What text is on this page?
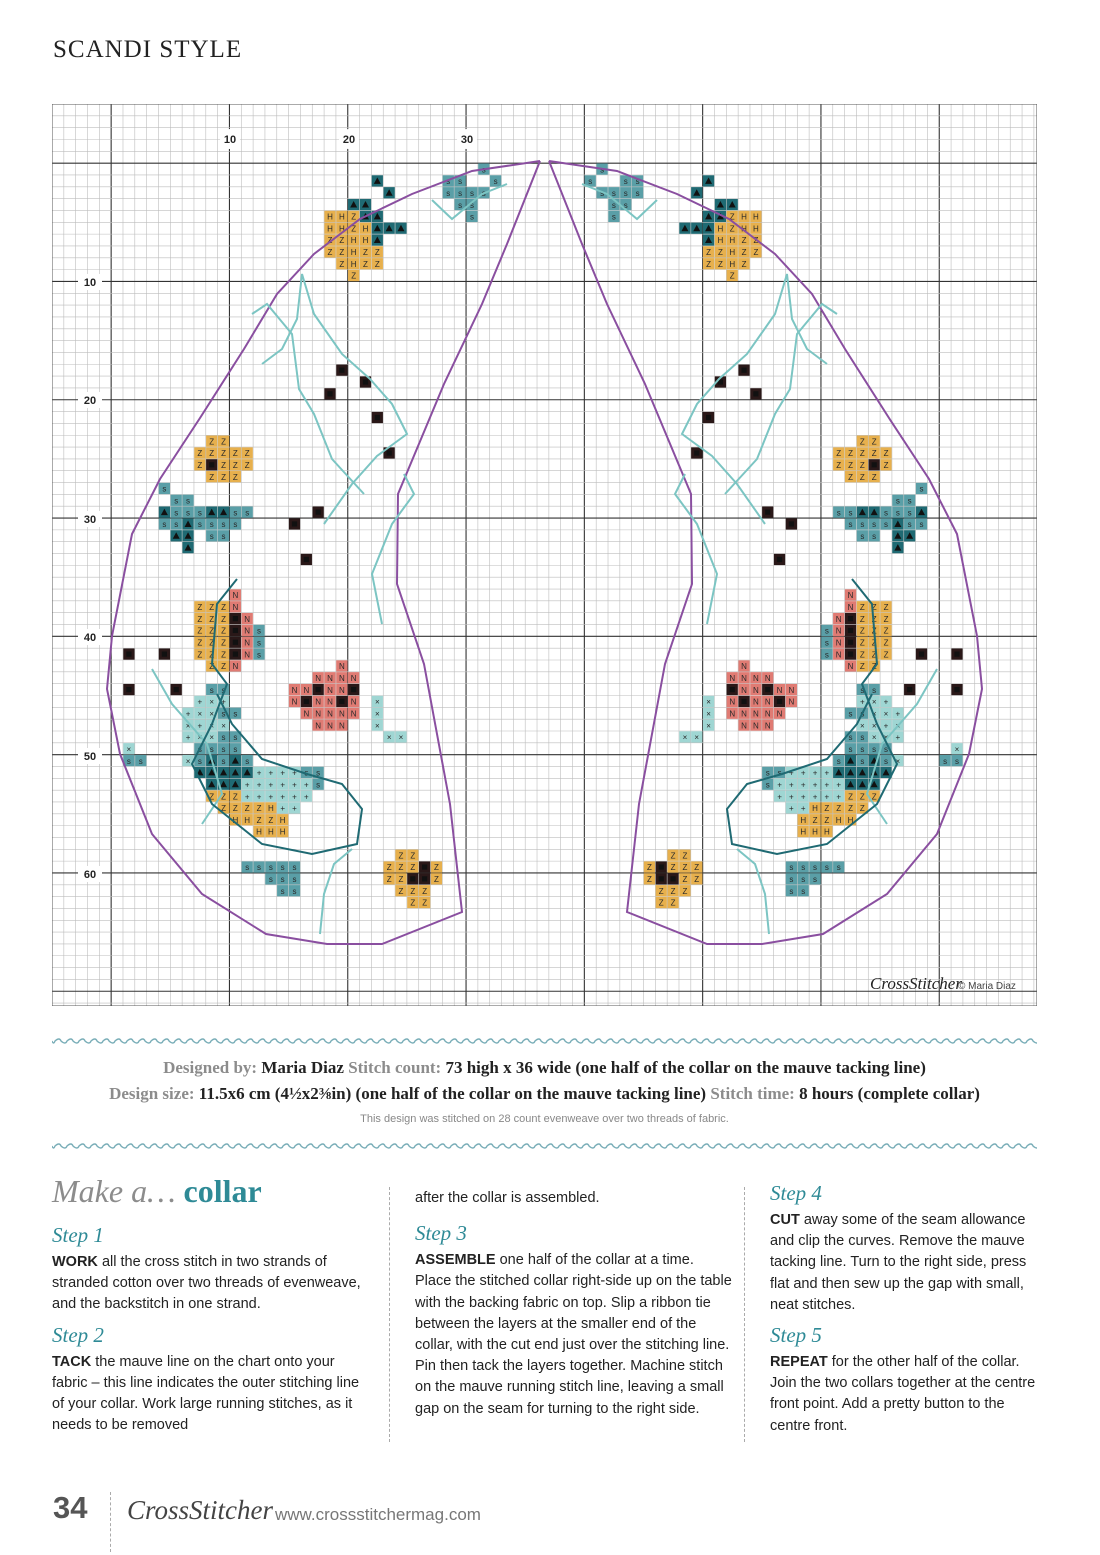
SCANDI STYLE
H	H
H	H
Z	Z
H	H
H	H
Z	Z
H	H
Z	Z
Z	Z
H	H
H	H
Z	Z
Z	Z
H	H
Z	Z
Z	Z
Z	Z
H	H
Z	Z
Z	Z
Z	Z
s	s
s	s
s	s
s	s
s	s
s	s
s	s
s	s
s	s
s	s
s	s
Z	Z
Z	Z
Z	Z
Z	Z
Z	Z
Z	Z
Z	Z
Z	Z
Z	Z
Z	Z
Z	Z
Z	Z
Z	Z
Z	Z
s	s
s	s
s	s
s	s
s	s
s	s
s	s
s	s
s	s
s	s
s	s
s	s
s	s
s	s
s	s
s	s
N	N
Z	Z
Z	Z
Z	Z
N	N
Z	Z
Z	Z
Z	Z
N	N
Z	Z
Z	Z
Z	Z
N	N
s	s
Z	Z
Z	Z
Z	Z
N	N
s	s
Z	Z
Z	Z
Z	Z
N	N
s	s
Z	Z
Z	Z
N	N
N	N
N	N
N	N
N	N
N	N
N	N
N	N
N	N
N	N
N	N
N	N
N	N
N	N
N	N
N	N
N	N
N	N
N	N
N	N
N	N
N	N
s	s
s	s
+	+
×	×
+	+
+	+
×	×
×	×
s	s
s	s
×	×
+	+
×	×
×	×
+	+
×	×
×	×
s	s
s	s
s	s
s	s
s	s
s	s
×	×
s	s
s	s
s	s
+	+
+	+
+	+
+	+
s	s
s	s
+	+
+	+
+	+
+	+
+	+
+	+
s	s
Z	Z
Z	Z
Z	Z
+	+
+	+
+	+
+	+
+	+
+	+
Z	Z
Z	Z
Z	Z
Z	Z
H	H
+	+
+	+
H	H
H	H
Z	Z
Z	Z
H	H
H	H
H	H
H	H
×	×
s	s
s	s
×	×
×	×
×	×
×	×
×	×
s	s
s	s
s	s
s	s
s	s
s	s
s	s
s	s
s	s
s	s
Z	Z
Z	Z
Z	Z
Z	Z
Z	Z
Z	Z
Z	Z
Z	Z
Z	Z
Z	Z
Z	Z
Z	Z
Z	Z
Z	Z
10	20	30
10
20
30
40
50
60
CrossStitcher
© Maria Diaz
Designed by: Maria Diaz Stitch count: 73 high x 36 wide (one half of the collar on the mauve tacking line)
Design size: 11.5x6 cm (4½x2⅜in) (one half of the collar on the mauve tacking line) Stitch time: 8 hours (complete collar)
This design was stitched on 28 count evenweave over two threads of fabric.
Make a… collar
Step 1
WORK all the cross stitch in two strands of stranded cotton over two threads of evenweave, and the backstitch in one strand.
Step 2
TACK the mauve line on the chart onto your fabric – this line indicates the outer stitching line of your collar. Work large running stitches, as it needs to be removed
after the collar is assembled.
Step 3
ASSEMBLE one half of the collar at a time. Place the stitched collar right-side up on the table with the backing fabric on top. Slip a ribbon tie between the layers at the smaller end of the collar, with the cut end just over the stitching line. Pin then tack the layers together. Machine stitch on the mauve running stitch line, leaving a small gap on the seam for turning to the right side.
Step 4
CUT away some of the seam allowance and clip the curves. Remove the mauve tacking line. Turn to the right side, press flat and then sew up the gap with small, neat stitches.
Step 5
REPEAT for the other half of the collar. Join the two collars together at the centre front point. Add a pretty button to the centre front.
34 CrossStitcher www.crossstitchermag.com
